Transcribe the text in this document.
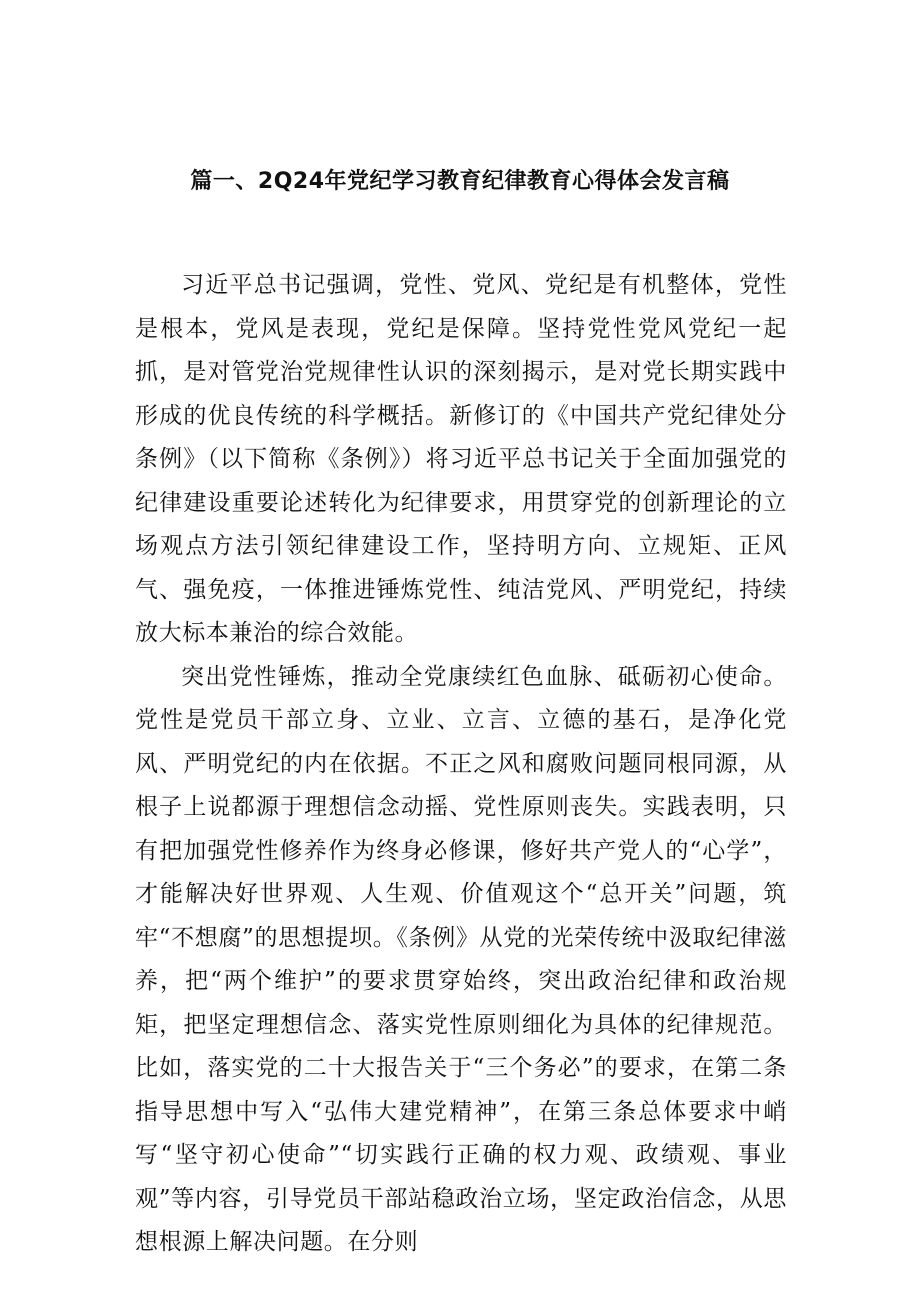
篇一、2Q24年党纪学习教育纪律教育心得体会发言稿

习近平总书记强调，党性、党风、党纪是有机整体，党性是根本，党风是表现，党纪是保障。坚持党性党风党纪一起抓，是对管党治党规律性认识的深刻揭示，是对党长期实践中形成的优良传统的科学概括。新修订的《中国共产党纪律处分条例》（以下简称《条例》）将习近平总书记关于全面加强党的纪律建设重要论述转化为纪律要求，用贯穿党的创新理论的立场观点方法引领纪律建设工作，坚持明方向、立规矩、正风气、强免疫，一体推进锤炼党性、纯洁党风、严明党纪，持续放大标本兼治的综合效能。

突出党性锤炼，推动全党康续红色血脉、砥砺初心使命。党性是党员干部立身、立业、立言、立德的基石，是净化党风、严明党纪的内在依据。不正之风和腐败问题同根同源，从根子上说都源于理想信念动摇、党性原则丧失。实践表明，只有把加强党性修养作为终身必修课，修好共产党人的“心学”，才能解决好世界观、人生观、价值观这个“总开关”问题，筑牢“不想腐”的思想提坝。《条例》从党的光荣传统中汲取纪律滋养，把“两个维护”的要求贯穿始终，突出政治纪律和政治规矩，把坚定理想信念、落实党性原则细化为具体的纪律规范。比如，落实党的二十大报告关于“三个务必”的要求，在第二条指导思想中写入“弘伟大建党精神”，在第三条总体要求中峭写“坚守初心使命”“切实践行正确的权力观、政绩观、事业观”等内容，引导党员干部站稳政治立场，坚定政治信念，从思想根源上解决问题。在分则
